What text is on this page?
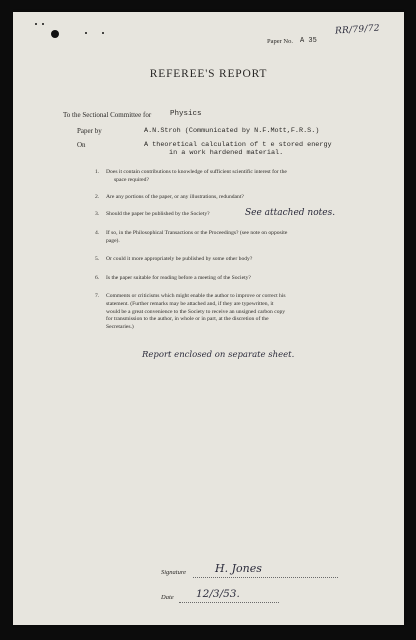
RR/79/72
Paper No. A 35
REFEREE'S REPORT
To the Sectional Committee for	Physics
Paper by	A.N.Stroh (Communicated by N.F.Mott,F.R.S.)
On	A theoretical calculation of t e stored energy
in a work hardened material.
1. Does it contain contributions to knowledge of sufficient scientific interest for the
space required?
2. Are any portions of the paper, or any illustrations, redundant?
3. Should the paper be published by the Society?	See attached notes.
4. If so, in the Philosophical Transactions or the Proceedings? (see note on opposite
page).
5. Or could it more appropriately be published by some other body?
6. Is the paper suitable for reading before a meeting of the Society?
7. Comments or criticisms which might enable the author to improve or correct his
statement. (Further remarks may be attached and, if they are typewritten, it
would be a great convenience to the Society to receive an unsigned carbon copy
for transmission to the author, in whole or in part, at the discretion of the
Secretaries.)
Report enclosed on separate sheet.
Signature	H. Jones
Date 12/3/53.
